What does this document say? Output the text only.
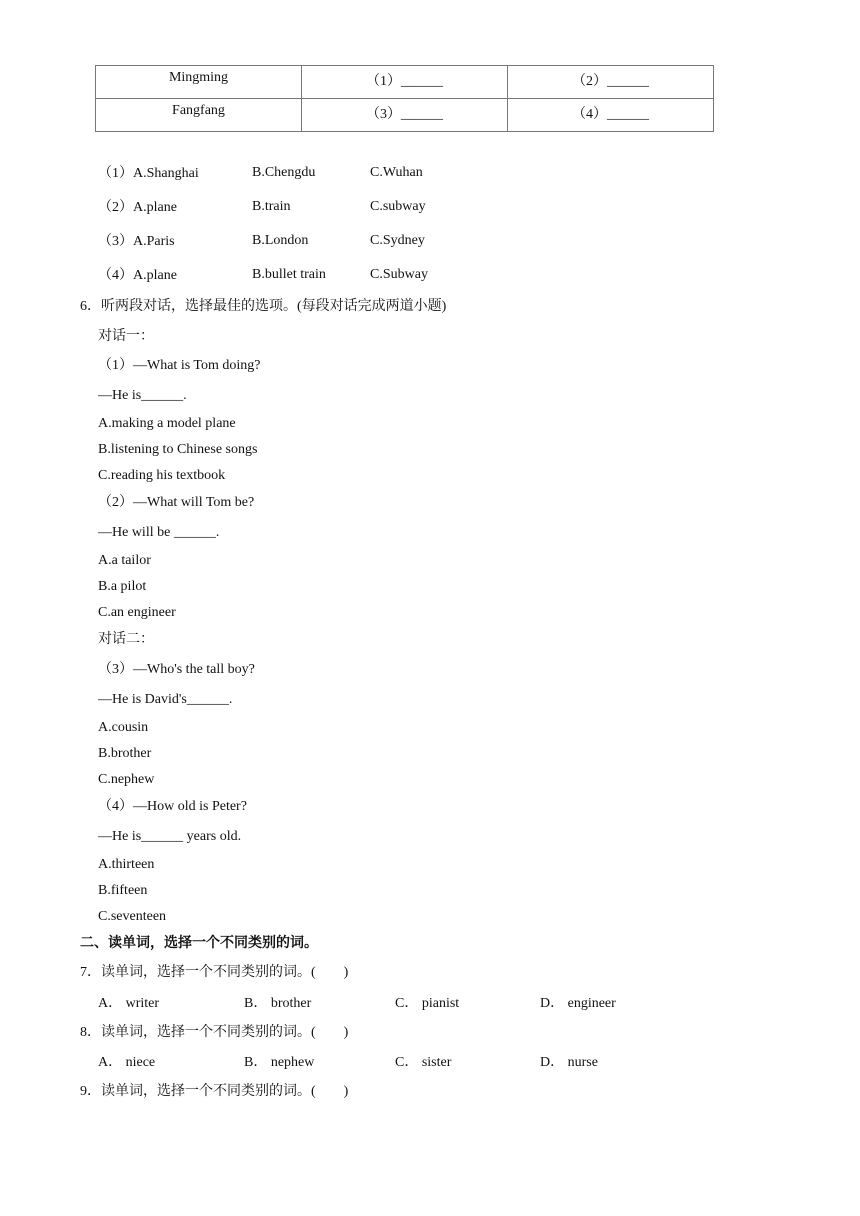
Mingming	（1）______	（2）______
Fangfang	（3）______	（4）______
（1）A.Shanghai	B.Chengdu	C.Wuhan
（2）A.plane	B.train	C.subway
（3）A.Paris	B.London	C.Sydney
（4）A.plane	B.bullet train	C.Subway
6．听两段对话，选择最佳的选项。(每段对话完成两道小题)
对话一：
（1）—What is Tom doing?
—He is______.
A.making a model plane
B.listening to Chinese songs
C.reading his textbook
（2）—What will Tom be?
—He will be ______.
A.a tailor
B.a pilot
C.an engineer
对话二：
（3）—Who's the tall boy?
—He is David's______.
A.cousin
B.brother
C.nephew
（4）—How old is Peter?
—He is______ years old.
A.thirteen
B.fifteen
C.seventeen
二、读单词，选择一个不同类别的词。
7．读单词，选择一个不同类别的词。(　　)
A． writer	B． brother	C． pianist	D． engineer
8．读单词，选择一个不同类别的词。(　　)
A． niece	B． nephew	C． sister	D． nurse
9．读单词，选择一个不同类别的词。(　　)
